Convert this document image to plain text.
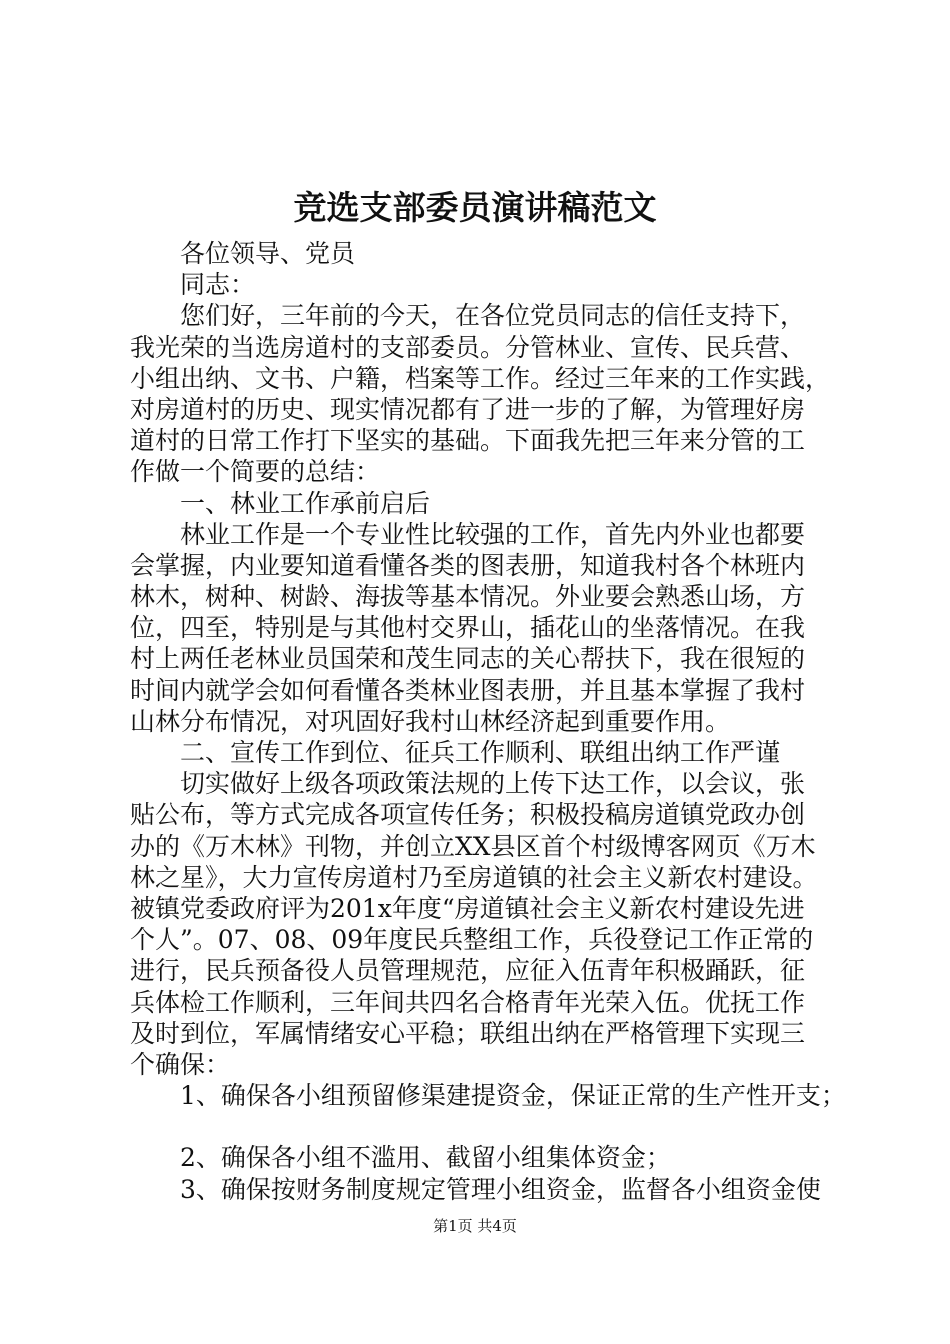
竞选支部委员演讲稿范文
各位领导、党员
同志：
您们好，三年前的今天，在各位党员同志的信任支持下，
我光荣的当选房道村的支部委员。分管林业、宣传、民兵营、
小组出纳、文书、户籍，档案等工作。经过三年来的工作实践，
对房道村的历史、现实情况都有了进一步的了解，为管理好房
道村的日常工作打下坚实的基础。下面我先把三年来分管的工
作做一个简要的总结：
一、林业工作承前启后
林业工作是一个专业性比较强的工作，首先内外业也都要
会掌握，内业要知道看懂各类的图表册，知道我村各个林班内
林木，树种、树龄、海拔等基本情况。外业要会熟悉山场，方
位，四至，特别是与其他村交界山，插花山的坐落情况。在我
村上两任老林业员国荣和茂生同志的关心帮扶下，我在很短的
时间内就学会如何看懂各类林业图表册，并且基本掌握了我村
山林分布情况，对巩固好我村山林经济起到重要作用。
二、宣传工作到位、征兵工作顺利、联组出纳工作严谨
切实做好上级各项政策法规的上传下达工作，以会议，张
贴公布，等方式完成各项宣传任务；积极投稿房道镇党政办创
办的《万木林》刊物，并创立XX县区首个村级博客网页《万木
林之星》，大力宣传房道村乃至房道镇的社会主义新农村建设。
被镇党委政府评为201x年度“房道镇社会主义新农村建设先进
个人”。07、08、09年度民兵整组工作，兵役登记工作正常的
进行，民兵预备役人员管理规范，应征入伍青年积极踊跃，征
兵体检工作顺利，三年间共四名合格青年光荣入伍。优抚工作
及时到位，军属情绪安心平稳；联组出纳在严格管理下实现三
个确保：
1、确保各小组预留修渠建提资金，保证正常的生产性开支；
2、确保各小组不滥用、截留小组集体资金；
3、确保按财务制度规定管理小组资金，监督各小组资金使
第1页 共4页
